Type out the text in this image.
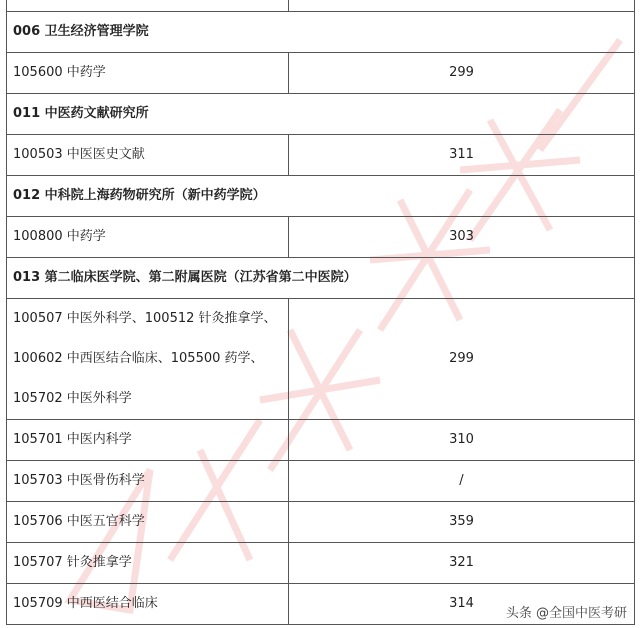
006 卫生经济管理学院	
105600 中药学	299
011 中医药文献研究所	
100503 中医医史文献	311
012 中科院上海药物研究所（新中药学院）	
100800 中药学	303
013 第二临床医学院、第二附属医院（江苏省第二中医院）	

100507 中医外科学、100512 针灸推拿学、
100602 中西医结合临床、105500 药学、
105702 中医外科学	299
105701 中医内科学	310
105703 中医骨伤科学	/
105706 中医五官科学	359
105707 针灸推拿学	321
105709 中西医结合临床	314
头条 @全国中医考研
